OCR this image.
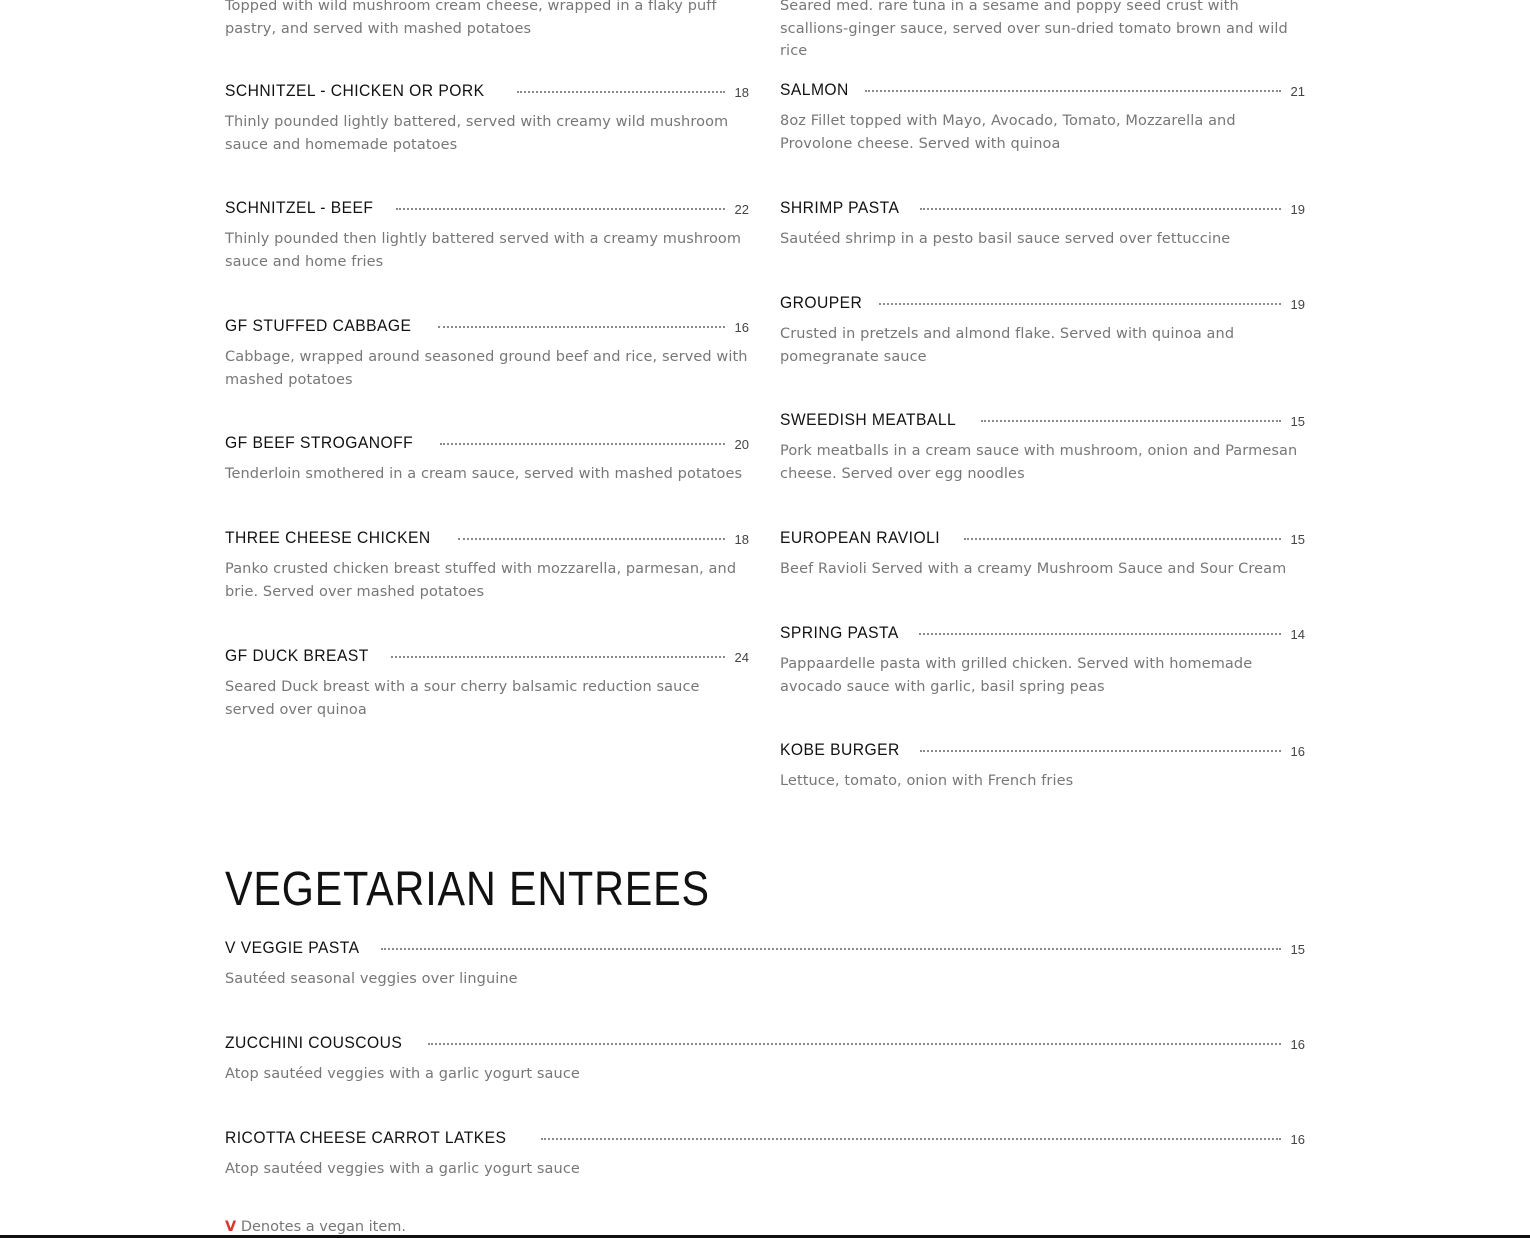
Topped with wild mushroom cream cheese, wrapped in a flaky puff pastry, and served with mashed potatoes
Seared med. rare tuna in a sesame and poppy seed crust with scallions-ginger sauce, served over sun-dried tomato brown and wild rice
SCHNITZEL - CHICKEN OR PORK	18
Thinly pounded lightly battered, served with creamy wild mushroom sauce and homemade potatoes
SCHNITZEL - BEEF	22
Thinly pounded then lightly battered served with a creamy mushroom sauce and home fries
GF STUFFED CABBAGE	16
Cabbage, wrapped around seasoned ground beef and rice, served with mashed potatoes
GF BEEF STROGANOFF	20
Tenderloin smothered in a cream sauce, served with mashed potatoes
THREE CHEESE CHICKEN	18
Panko crusted chicken breast stuffed with mozzarella, parmesan, and brie. Served over mashed potatoes
GF DUCK BREAST	24
Seared Duck breast with a sour cherry balsamic reduction sauce served over quinoa
SALMON	21
8oz Fillet topped with Mayo, Avocado, Tomato, Mozzarella and Provolone cheese. Served with quinoa
SHRIMP PASTA	19
Sautéed shrimp in a pesto basil sauce served over fettuccine
GROUPER	19
Crusted in pretzels and almond flake. Served with quinoa and pomegranate sauce
SWEEDISH MEATBALL	15
Pork meatballs in a cream sauce with mushroom, onion and Parmesan cheese. Served over egg noodles
EUROPEAN RAVIOLI	15
Beef Ravioli Served with a creamy Mushroom Sauce and Sour Cream
SPRING PASTA	14
Pappaardelle pasta with grilled chicken. Served with homemade avocado sauce with garlic, basil spring peas
KOBE BURGER	16
Lettuce, tomato, onion with French fries
VEGETARIAN ENTREES
V VEGGIE PASTA	15
Sautéed seasonal veggies over linguine
ZUCCHINI COUSCOUS	16
Atop sautéed veggies with a garlic yogurt sauce
RICOTTA CHEESE CARROT LATKES	16
Atop sautéed veggies with a garlic yogurt sauce
V Denotes a vegan item.
